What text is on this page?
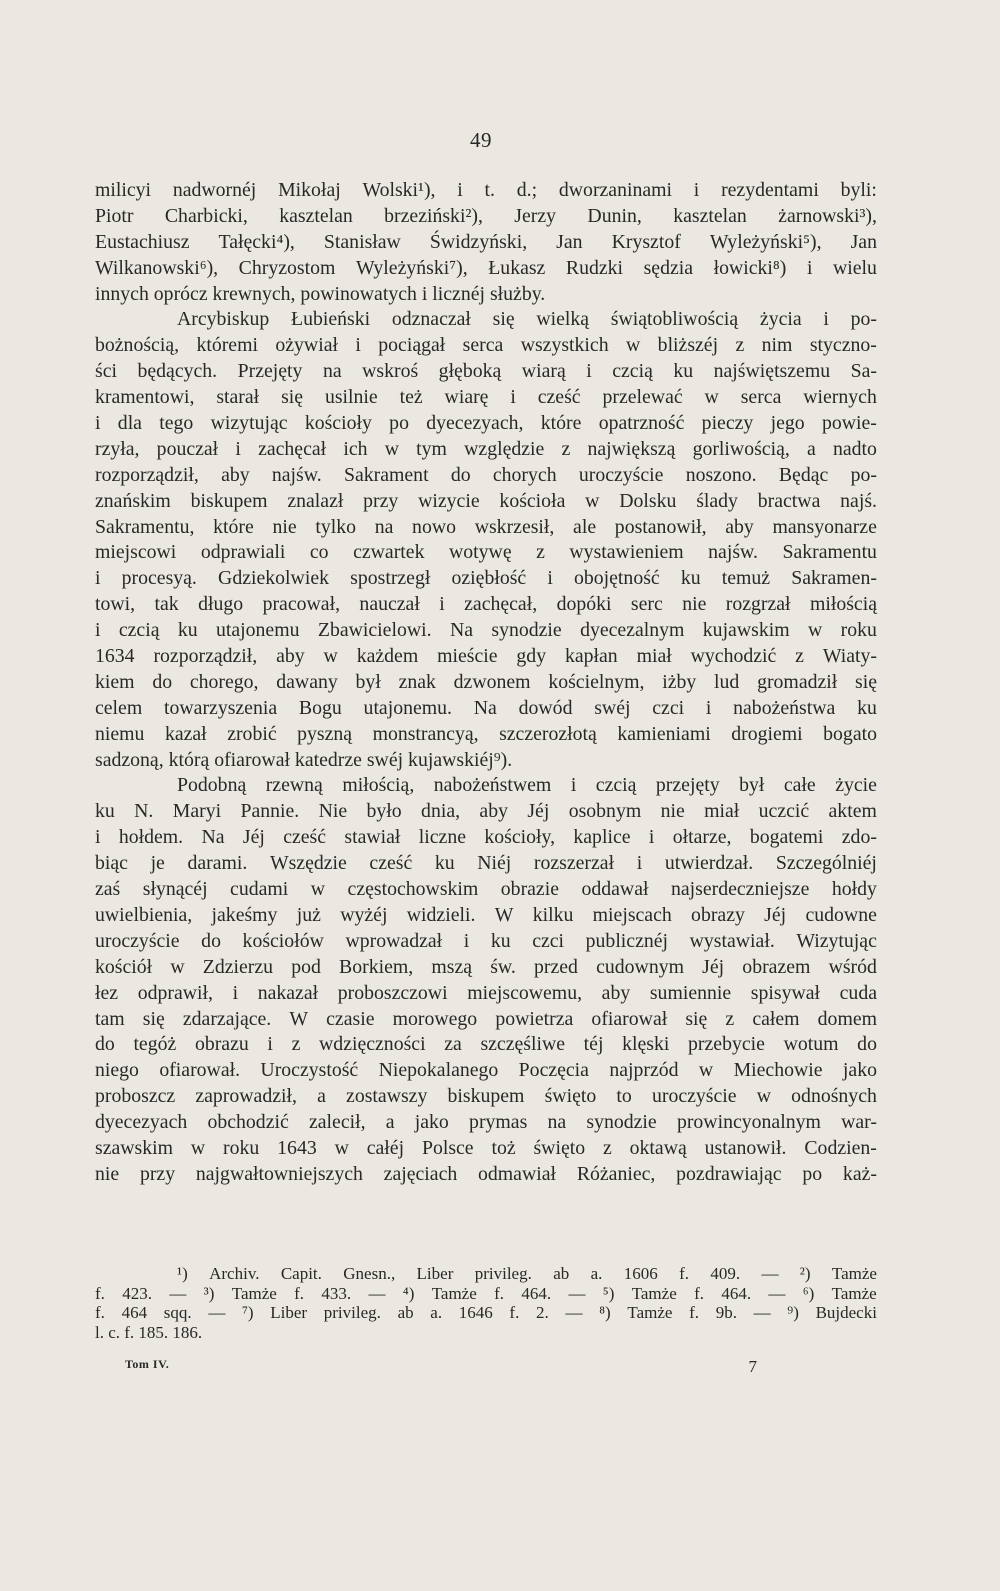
49
milicyi nadwornéj Mikołaj Wolski¹), i t. d.; dworzaninami i rezydentami byli:
Piotr Charbicki, kasztelan brzeziński²), Jerzy Dunin, kasztelan żarnowski³),
Eustachiusz Tałęcki⁴), Stanisław Świdzyński, Jan Krysztof Wyleżyński⁵), Jan
Wilkanowski⁶), Chryzostom Wyleżyński⁷), Łukasz Rudzki sędzia łowicki⁸) i wielu
innych oprócz krewnych, powinowatych i licznéj służby.
Arcybiskup Łubieński odznaczał się wielką świątobliwością życia i po-
bożnością, któremi ożywiał i pociągał serca wszystkich w bliższéj z nim styczno-
ści będących. Przejęty na wskroś głęboką wiarą i czcią ku najświętszemu Sa-
kramentowi, starał się usilnie też wiarę i cześć przelewać w serca wiernych
i dla tego wizytując kościoły po dyecezyach, które opatrzność pieczy jego powie-
rzyła, pouczał i zachęcał ich w tym względzie z największą gorliwością, a nadto
rozporządził, aby najśw. Sakrament do chorych uroczyście noszono. Będąc po-
znańskim biskupem znalazł przy wizycie kościoła w Dolsku ślady bractwa najś.
Sakramentu, które nie tylko na nowo wskrzesił, ale postanowił, aby mansyonarze
miejscowi odprawiali co czwartek wotywę z wystawieniem najśw. Sakramentu
i procesyą. Gdziekolwiek spostrzegł oziębłość i obojętność ku temuż Sakramen-
towi, tak długo pracował, nauczał i zachęcał, dopóki serc nie rozgrzał miłością
i czcią ku utajonemu Zbawicielowi. Na synodzie dyecezalnym kujawskim w roku
1634 rozporządził, aby w każdem mieście gdy kapłan miał wychodzić z Wiaty-
kiem do chorego, dawany był znak dzwonem kościelnym, iżby lud gromadził się
celem towarzyszenia Bogu utajonemu. Na dowód swéj czci i nabożeństwa ku
niemu kazał zrobić pyszną monstrancyą, szczerozłotą kamieniami drogiemi bogato
sadzoną, którą ofiarował katedrze swéj kujawskiéj⁹).
Podobną rzewną miłością, nabożeństwem i czcią przejęty był całe życie
ku N. Maryi Pannie. Nie było dnia, aby Jéj osobnym nie miał uczcić aktem
i hołdem. Na Jéj cześć stawiał liczne kościoły, kaplice i ołtarze, bogatemi zdo-
biąc je darami. Wszędzie cześć ku Niéj rozszerzał i utwierdzał. Szczególniéj
zaś słynącéj cudami w częstochowskim obrazie oddawał najserdeczniejsze hołdy
uwielbienia, jakeśmy już wyżéj widzieli. W kilku miejscach obrazy Jéj cudowne
uroczyście do kościołów wprowadzał i ku czci publicznéj wystawiał. Wizytując
kościół w Zdzierzu pod Borkiem, mszą św. przed cudownym Jéj obrazem wśród
łez odprawił, i nakazał proboszczowi miejscowemu, aby sumiennie spisywał cuda
tam się zdarzające. W czasie morowego powietrza ofiarował się z całem domem
do tegóż obrazu i z wdzięczności za szczęśliwe téj klęski przebycie wotum do
niego ofiarował. Uroczystość Niepokalanego Poczęcia najprzód w Miechowie jako
proboszcz zaprowadził, a zostawszy biskupem święto to uroczyście w odnośnych
dyecezyach obchodzić zalecił, a jako prymas na synodzie prowincyonalnym war-
szawskim w roku 1643 w całéj Polsce toż święto z oktawą ustanowił. Codzien-
nie przy najgwałtowniejszych zajęciach odmawiał Różaniec, pozdrawiając po każ-
¹) Archiv. Capit. Gnesn., Liber privileg. ab a. 1606 f. 409. — ²) Tamże
f. 423. — ³) Tamże f. 433. — ⁴) Tamże f. 464. — ⁵) Tamże f. 464. — ⁶) Tamże
f. 464 sqq. — ⁷) Liber privileg. ab a. 1646 f. 2. — ⁸) Tamże f. 9b. — ⁹) Bujdecki
l. c. f. 185. 186.
Tom IV.	7
